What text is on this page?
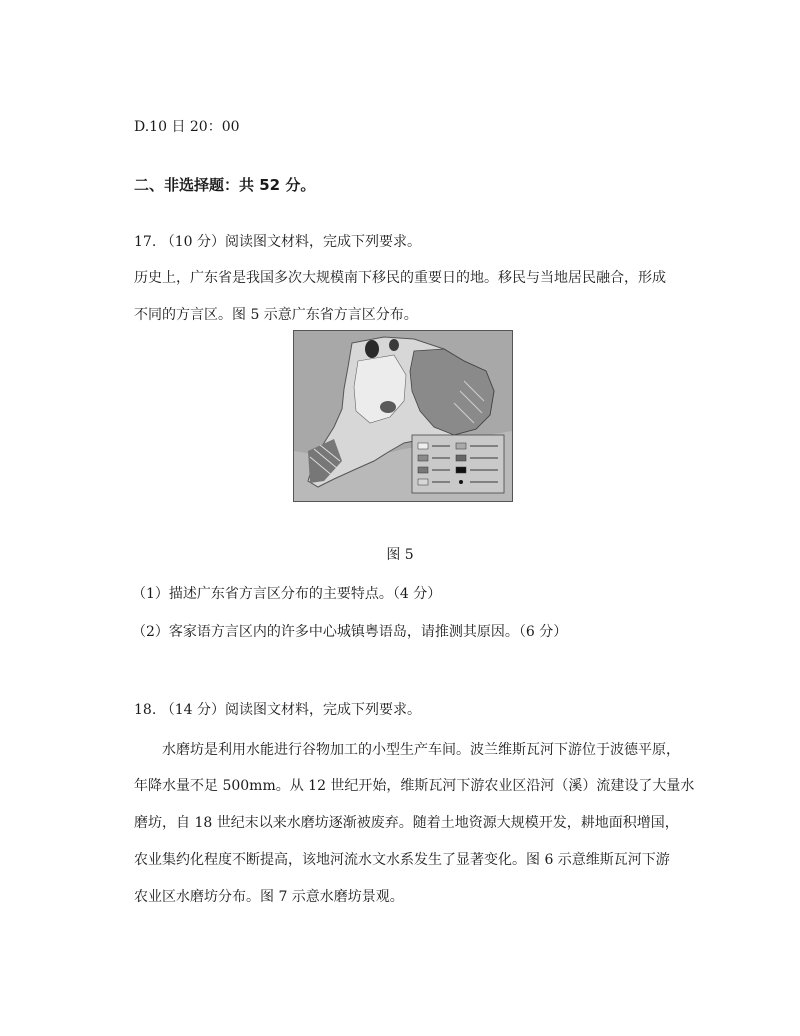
D.10 日 20：00
二、非选择题：共 52 分。
17. （10 分）阅读图文材料，完成下列要求。
历史上，广东省是我国多次大规模南下移民的重要日的地。移民与当地居民融合，形成
不同的方言区。图 5 示意广东省方言区分布。
图 5
（1）描述广东省方言区分布的主要特点。（4 分）
（2）客家语方言区内的许多中心城镇粤语岛，请推测其原因。（6 分）
18. （14 分）阅读图文材料，完成下列要求。
水磨坊是利用水能进行谷物加工的小型生产车间。波兰维斯瓦河下游位于波德平原，
年降水量不足 500mm。从 12 世纪开始，维斯瓦河下游农业区沿河（溪）流建设了大量水
磨坊，自 18 世纪末以来水磨坊逐渐被废弃。随着土地资源大规模开发，耕地面积增国，
农业集约化程度不断提高，该地河流水文水系发生了显著变化。图 6 示意维斯瓦河下游
农业区水磨坊分布。图 7 示意水磨坊景观。
